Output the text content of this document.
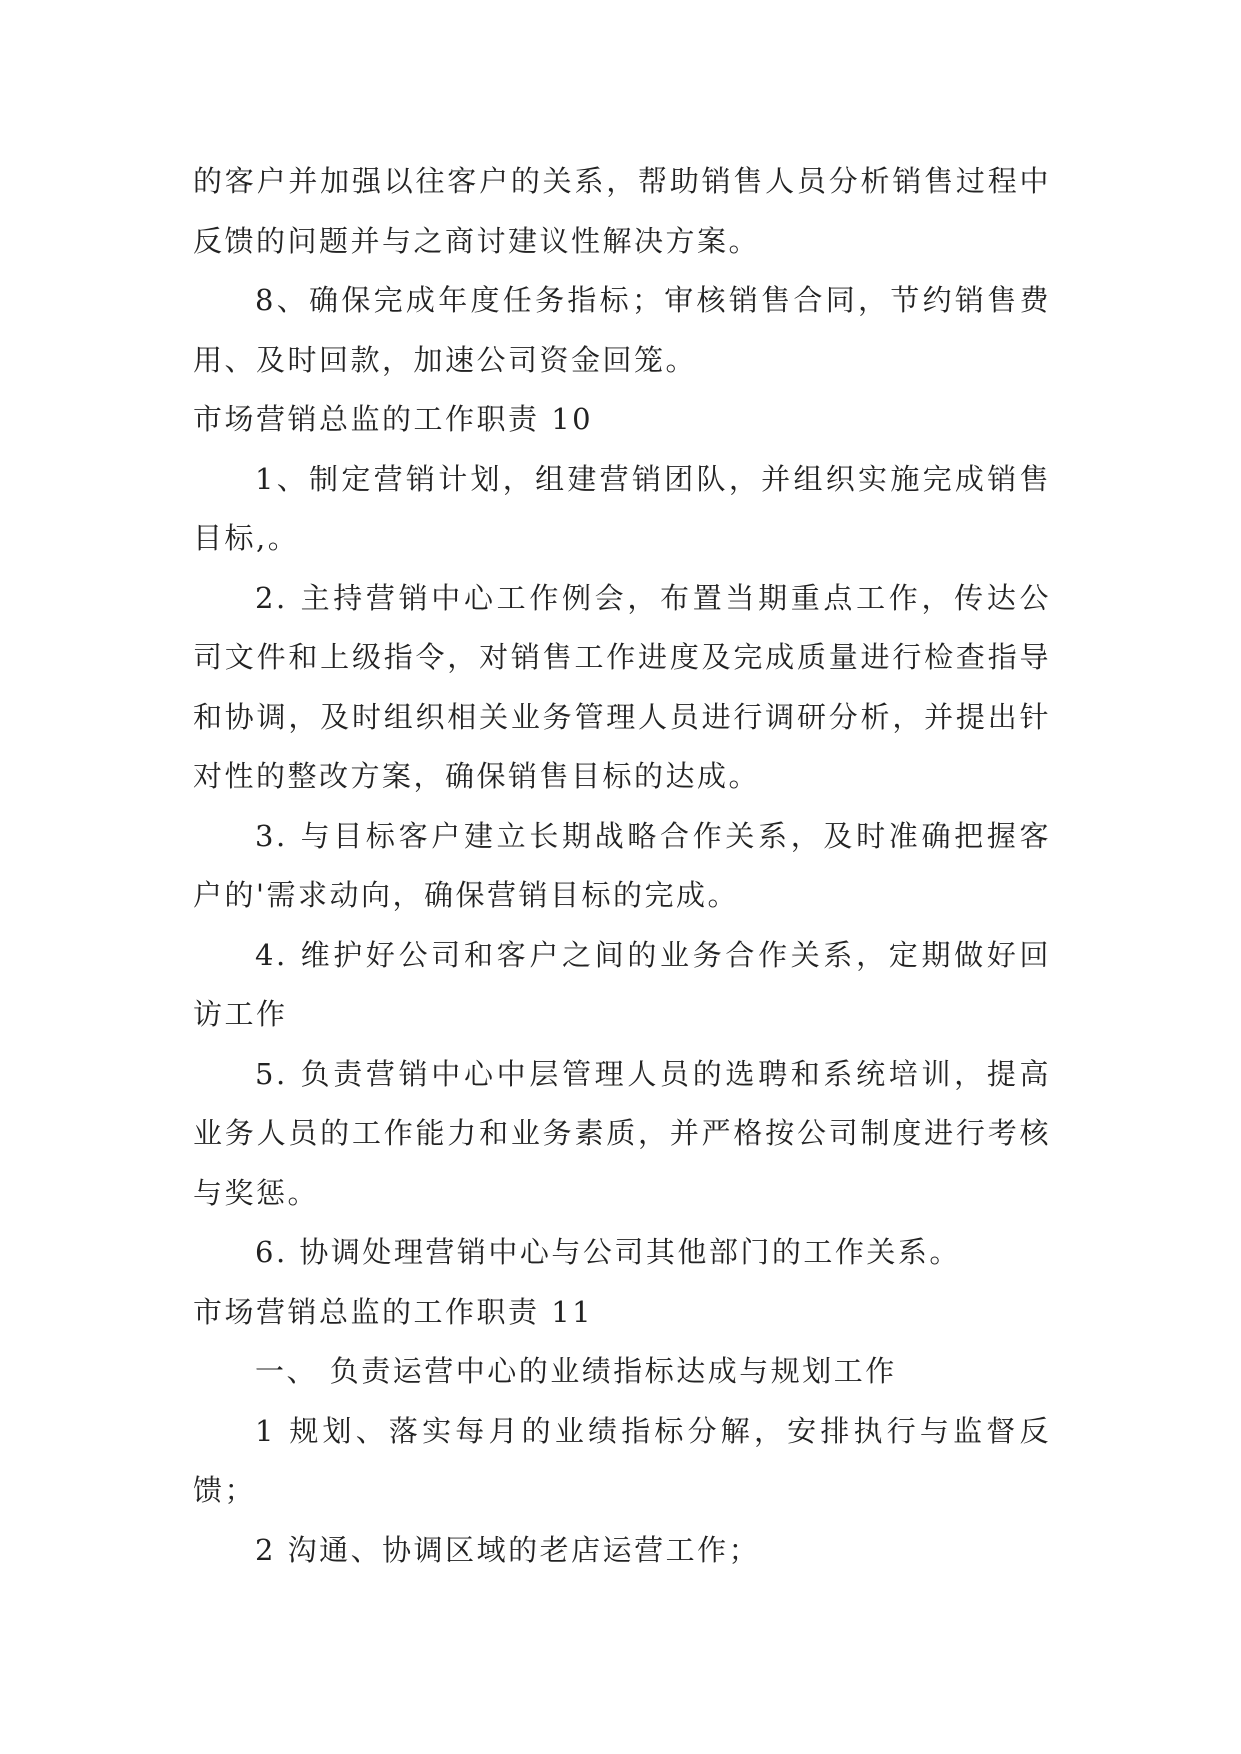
的客户并加强以往客户的关系，帮助销售人员分析销售过程中反馈的问题并与之商讨建议性解决方案。

8、确保完成年度任务指标；审核销售合同，节约销售费用、及时回款，加速公司资金回笼。

市场营销总监的工作职责 10

1、制定营销计划，组建营销团队，并组织实施完成销售目标,。

2. 主持营销中心工作例会，布置当期重点工作，传达公司文件和上级指令，对销售工作进度及完成质量进行检查指导和协调，及时组织相关业务管理人员进行调研分析，并提出针对性的整改方案，确保销售目标的达成。

3. 与目标客户建立长期战略合作关系，及时准确把握客户的'需求动向，确保营销目标的完成。

4. 维护好公司和客户之间的业务合作关系，定期做好回访工作

5. 负责营销中心中层管理人员的选聘和系统培训，提高业务人员的工作能力和业务素质，并严格按公司制度进行考核与奖惩。

6. 协调处理营销中心与公司其他部门的工作关系。

市场营销总监的工作职责 11

一、 负责运营中心的业绩指标达成与规划工作

1 规划、落实每月的业绩指标分解，安排执行与监督反馈；

2 沟通、协调区域的老店运营工作；
